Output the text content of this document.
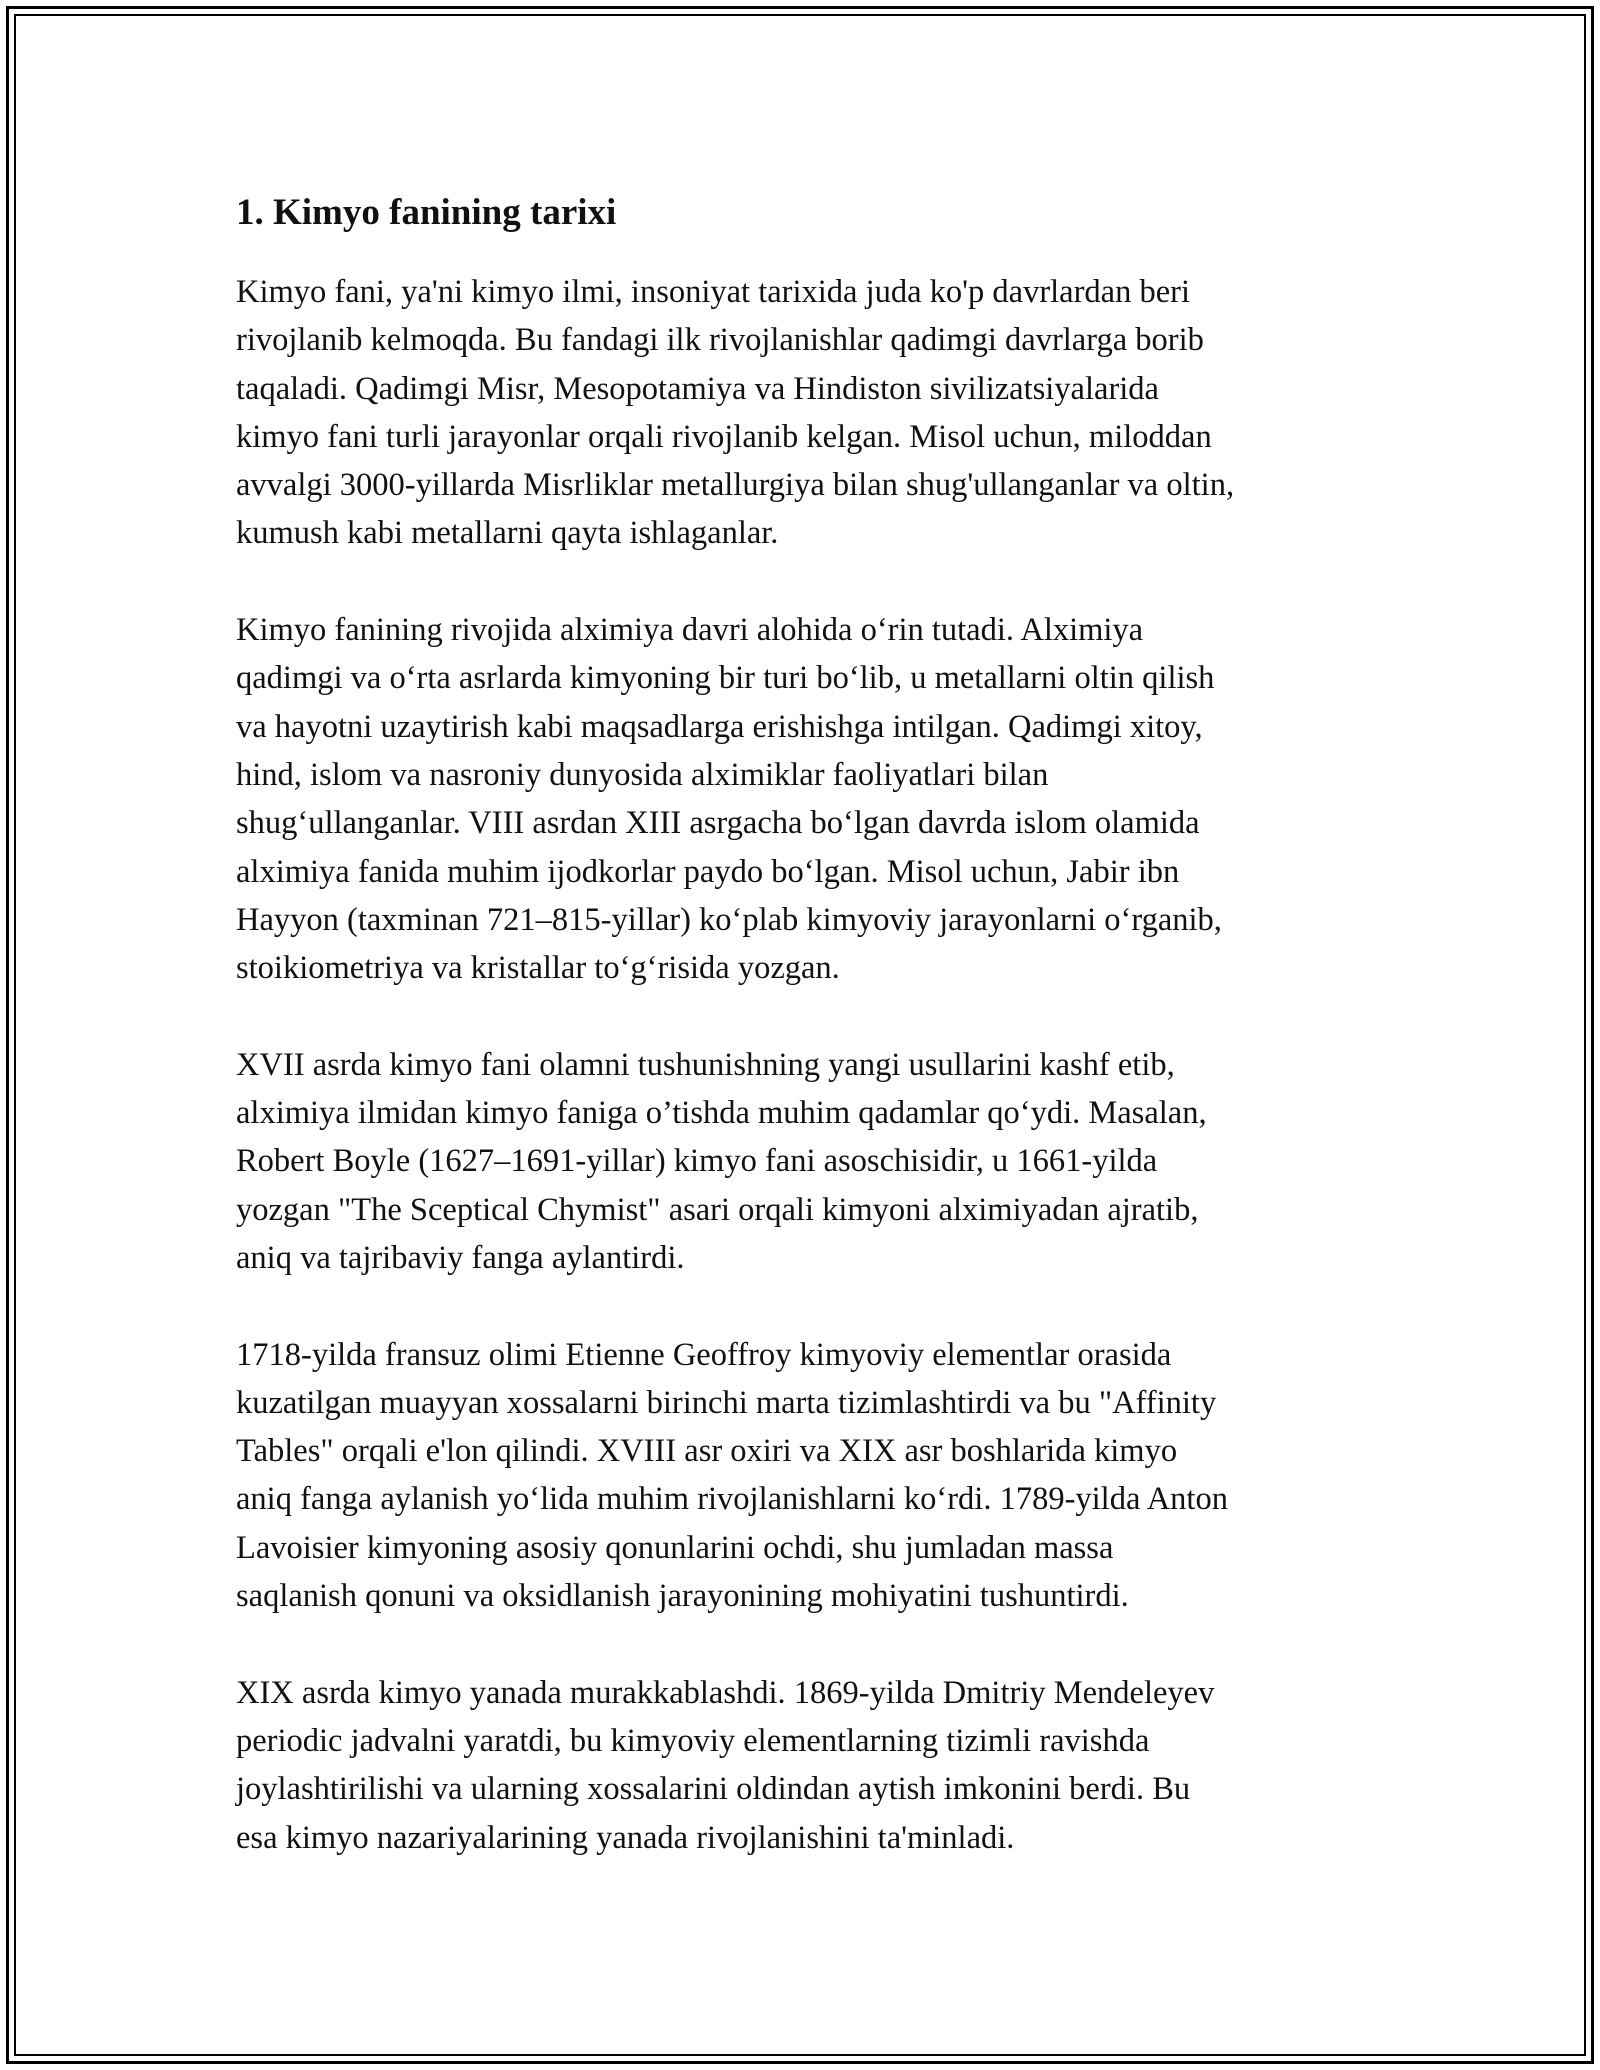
1. Kimyo fanining tarixi

Kimyo fani, ya'ni kimyo ilmi, insoniyat tarixida juda ko'p davrlardan beri
rivojlanib kelmoqda. Bu fandagi ilk rivojlanishlar qadimgi davrlarga borib
taqaladi. Qadimgi Misr, Mesopotamiya va Hindiston sivilizatsiyalarida
kimyo fani turli jarayonlar orqali rivojlanib kelgan. Misol uchun, miloddan
avvalgi 3000-yillarda Misrliklar metallurgiya bilan shug'ullanganlar va oltin,
kumush kabi metallarni qayta ishlaganlar.

Kimyo fanining rivojida alximiya davri alohida o‘rin tutadi. Alximiya
qadimgi va o‘rta asrlarda kimyoning bir turi bo‘lib, u metallarni oltin qilish
va hayotni uzaytirish kabi maqsadlarga erishishga intilgan. Qadimgi xitoy,
hind, islom va nasroniy dunyosida alximiklar faoliyatlari bilan
shug‘ullanganlar. VIII asrdan XIII asrgacha bo‘lgan davrda islom olamida
alximiya fanida muhim ijodkorlar paydo bo‘lgan. Misol uchun, Jabir ibn
Hayyon (taxminan 721–815-yillar) ko‘plab kimyoviy jarayonlarni o‘rganib,
stoikiometriya va kristallar to‘g‘risida yozgan.

XVII asrda kimyo fani olamni tushunishning yangi usullarini kashf etib,
alximiya ilmidan kimyo faniga o’tishda muhim qadamlar qo‘ydi. Masalan,
Robert Boyle (1627–1691-yillar) kimyo fani asoschisidir, u 1661-yilda
yozgan "The Sceptical Chymist" asari orqali kimyoni alximiyadan ajratib,
aniq va tajribaviy fanga aylantirdi.

1718-yilda fransuz olimi Etienne Geoffroy kimyoviy elementlar orasida
kuzatilgan muayyan xossalarni birinchi marta tizimlashtirdi va bu "Affinity
Tables" orqali e'lon qilindi. XVIII asr oxiri va XIX asr boshlarida kimyo
aniq fanga aylanish yo‘lida muhim rivojlanishlarni ko‘rdi. 1789-yilda Anton
Lavoisier kimyoning asosiy qonunlarini ochdi, shu jumladan massa
saqlanish qonuni va oksidlanish jarayonining mohiyatini tushuntirdi.

XIX asrda kimyo yanada murakkablashdi. 1869-yilda Dmitriy Mendeleyev
periodic jadvalni yaratdi, bu kimyoviy elementlarning tizimli ravishda
joylashtirilishi va ularning xossalarini oldindan aytish imkonini berdi. Bu
esa kimyo nazariyalarining yanada rivojlanishini ta'minladi.
